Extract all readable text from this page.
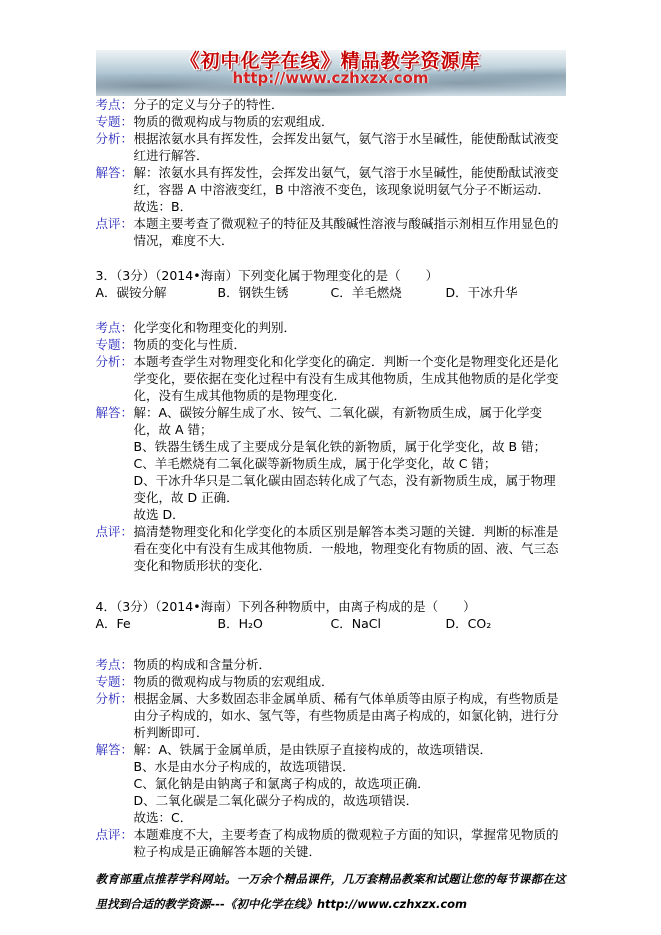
《初中化学在线》精品教学资源库
http://www.czhxzx.com
考点： 分子的定义与分子的特性．
专题： 物质的微观构成与物质的宏观组成．
分析： 根据浓氨水具有挥发性，会挥发出氨气，氨气溶于水呈碱性，能使酚酞试液变红进行解答．
解答： 解：浓氨水具有挥发性，会挥发出氨气，氨气溶于水呈碱性，能使酚酞试液变红，容器 A 中溶液变红，B 中溶液不变色，该现象说明氨气分子不断运动．
故选：B．
点评： 本题主要考查了微观粒子的特征及其酸碱性溶液与酸碱指示剂相互作用显色的情况，难度不大．
3．（3分）（2014•海南）下列变化属于物理变化的是（　　）
A．碳铵分解	B．钢铁生锈	C．羊毛燃烧	D．干冰升华
考点： 化学变化和物理变化的判别．
专题： 物质的变化与性质．
分析： 本题考查学生对物理变化和化学变化的确定．判断一个变化是物理变化还是化学变化，要依据在变化过程中有没有生成其他物质，生成其他物质的是化学变化，没有生成其他物质的是物理变化．
解答： 解：A、碳铵分解生成了水、铵气、二氧化碳，有新物质生成，属于化学变化，故 A 错；
B、铁器生锈生成了主要成分是氧化铁的新物质，属于化学变化，故 B 错；
C、羊毛燃烧有二氧化碳等新物质生成，属于化学变化，故 C 错；
D、干冰升华只是二氧化碳由固态转化成了气态，没有新物质生成，属于物理变化，故 D 正确．
故选 D．
点评： 搞清楚物理变化和化学变化的本质区别是解答本类习题的关键．判断的标准是看在变化中有没有生成其他物质．一般地，物理变化有物质的固、液、气三态变化和物质形状的变化．
4．（3分）（2014•海南）下列各种物质中，由离子构成的是（　　）
A．Fe	B．H₂O	C．NaCl	D．CO₂
考点： 物质的构成和含量分析．
专题： 物质的微观构成与物质的宏观组成．
分析： 根据金属、大多数固态非金属单质、稀有气体单质等由原子构成，有些物质是由分子构成的，如水、氢气等，有些物质是由离子构成的，如氯化钠，进行分析判断即可．
解答： 解：A、铁属于金属单质，是由铁原子直接构成的，故选项错误．
B、水是由水分子构成的，故选项错误．
C、氯化钠是由钠离子和氯离子构成的，故选项正确．
D、二氧化碳是二氧化碳分子构成的，故选项错误．
故选：C．
点评： 本题难度不大，主要考查了构成物质的微观粒子方面的知识，掌握常见物质的粒子构成是正确解答本题的关键．
教育部重点推荐学科网站。一万余个精品课件，几万套精品教案和试题让您的每节课都在这里找到合适的教学资源---《初中化学在线》http://www.czhxzx.com
